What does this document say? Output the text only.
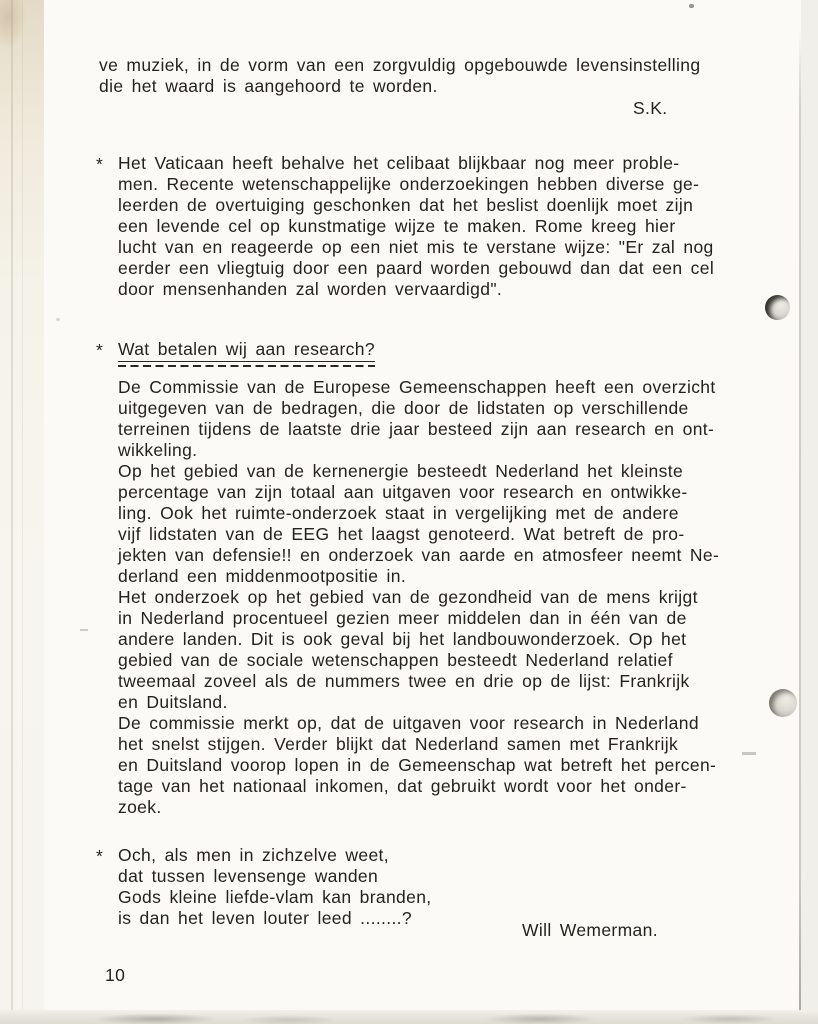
ve muziek, in de vorm van een zorgvuldig opgebouwde levensinstelling
die het waard is aangehoord te worden.
S.K.
* Het Vaticaan heeft behalve het celibaat blijkbaar nog meer proble-
men. Recente wetenschappelijke onderzoekingen hebben diverse ge-
leerden de overtuiging geschonken dat het beslist doenlijk moet zijn
een levende cel op kunstmatige wijze te maken. Rome kreeg hier
lucht van en reageerde op een niet mis te verstane wijze: "Er zal nog
eerder een vliegtuig door een paard worden gebouwd dan dat een cel
door mensenhanden zal worden vervaardigd".
* Wat betalen wij aan research?
De Commissie van de Europese Gemeenschappen heeft een overzicht
uitgegeven van de bedragen, die door de lidstaten op verschillende
terreinen tijdens de laatste drie jaar besteed zijn aan research en ont-
wikkeling.
Op het gebied van de kernenergie besteedt Nederland het kleinste
percentage van zijn totaal aan uitgaven voor research en ontwikke-
ling. Ook het ruimte-onderzoek staat in vergelijking met de andere
vijf lidstaten van de EEG het laagst genoteerd. Wat betreft de pro-
jekten van defensie!! en onderzoek van aarde en atmosfeer neemt Ne-
derland een middenmootpositie in.
Het onderzoek op het gebied van de gezondheid van de mens krijgt
in Nederland procentueel gezien meer middelen dan in één van de
andere landen. Dit is ook geval bij het landbouwonderzoek. Op het
gebied van de sociale wetenschappen besteedt Nederland relatief
tweemaal zoveel als de nummers twee en drie op de lijst: Frankrijk
en Duitsland.
De commissie merkt op, dat de uitgaven voor research in Nederland
het snelst stijgen. Verder blijkt dat Nederland samen met Frankrijk
en Duitsland voorop lopen in de Gemeenschap wat betreft het percen-
tage van het nationaal inkomen, dat gebruikt wordt voor het onder-
zoek.
* Och, als men in zichzelve weet,
dat tussen levensenge wanden
Gods kleine liefde-vlam kan branden,
is dan het leven louter leed ........?
Will Wemerman.
10
